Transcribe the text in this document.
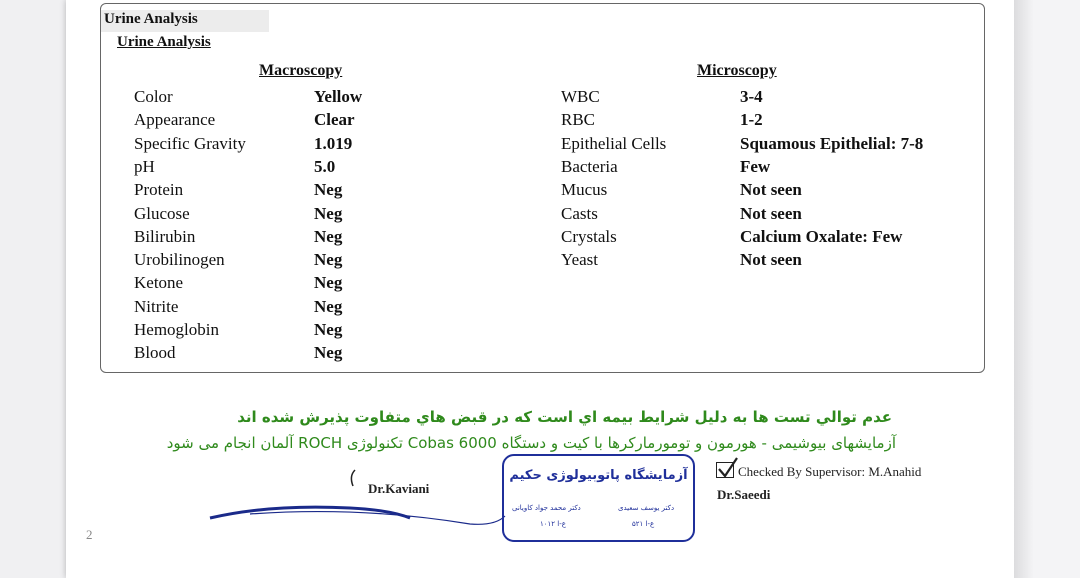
Urine Analysis
Urine Analysis
Macroscopy	Microscopy
Color	Yellow
Appearance	Clear
Specific Gravity	1.019
pH	5.0
Protein	Neg
Glucose	Neg
Bilirubin	Neg
Urobilinogen	Neg
Ketone	Neg
Nitrite	Neg
Hemoglobin	Neg
Blood	Neg
WBC	3-4
RBC	1-2
Epithelial Cells	Squamous Epithelial: 7-8
Bacteria	Few
Mucus	Not seen
Casts	Not seen
Crystals	Calcium Oxalate: Few
Yeast	Not seen
عدم توالي تست ها به دليل شرايط بيمه اي است كه در قبض هاي متفاوت پذيرش شده اند
آزمایشهای بیوشیمی - هورمون و تومورمارکرها با کیت و دستگاه Cobas 6000 تکنولوژی ROCH آلمان انجام می شود
Dr.Kaviani
Checked By Supervisor: M.Anahid
Dr.Saeedi
آزمایشگاه پاتوبیولوژی حکیم
دکتر محمد جواد کاویانی
ع-ا ۱۰۱۲
دکتر یوسف سعیدی
ع-ا ۵۲۱
2
